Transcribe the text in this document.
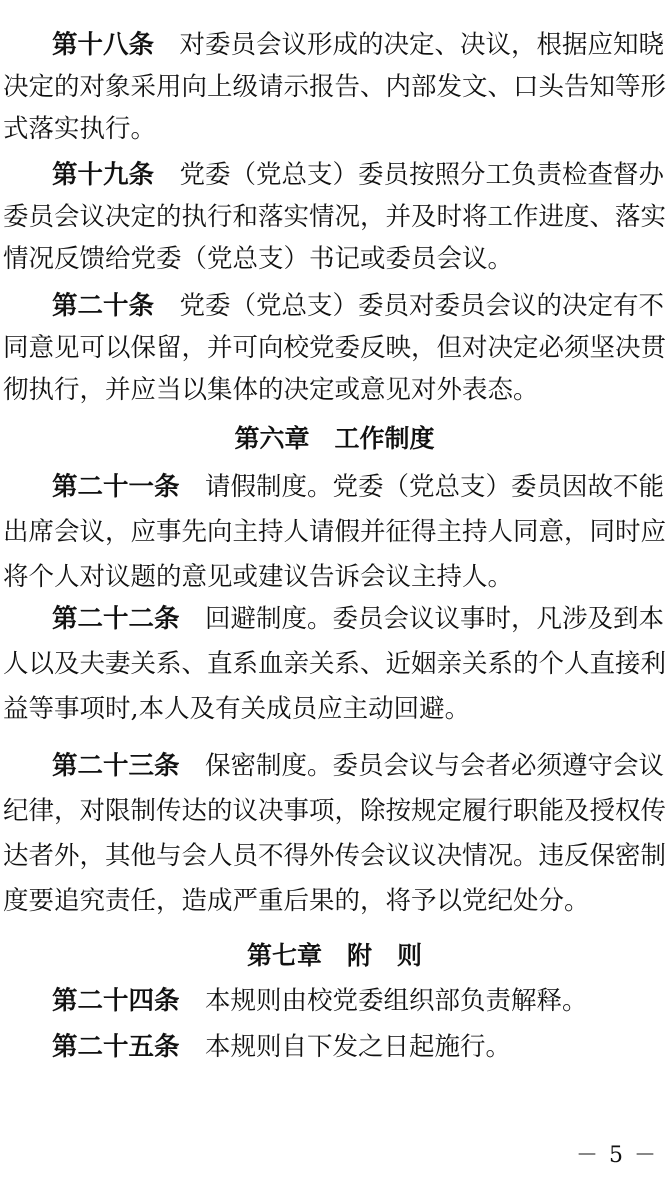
第十八条　 对委员会议形成的决定、决议，根据应知晓
决定的对象采用向上级请示报告、内部发文、口头告知等形
式落实执行。
第十九条　 党委（党总支）委员按照分工负责检查督办
委员会议决定的执行和落实情况，并及时将工作进度、落实
情况反馈给党委（党总支）书记或委员会议。
第二十条　 党委（党总支）委员对委员会议的决定有不
同意见可以保留，并可向校党委反映，但对决定必须坚决贯
彻执行，并应当以集体的决定或意见对外表态。
第六章　工作制度
第二十一条　 请假制度。党委（党总支）委员因故不能
出席会议，应事先向主持人请假并征得主持人同意，同时应
将个人对议题的意见或建议告诉会议主持人。
第二十二条　 回避制度。委员会议议事时，凡涉及到本
人以及夫妻关系、直系血亲关系、近姻亲关系的个人直接利
益等事项时,本人及有关成员应主动回避。
第二十三条　 保密制度。委员会议与会者必须遵守会议
纪律，对限制传达的议决事项，除按规定履行职能及授权传
达者外，其他与会人员不得外传会议议决情况。违反保密制
度要追究责任，造成严重后果的，将予以党纪处分。
第七章　附　则
第二十四条　 本规则由校党委组织部负责解释。
第二十五条　 本规则自下发之日起施行。
－ 5 －
